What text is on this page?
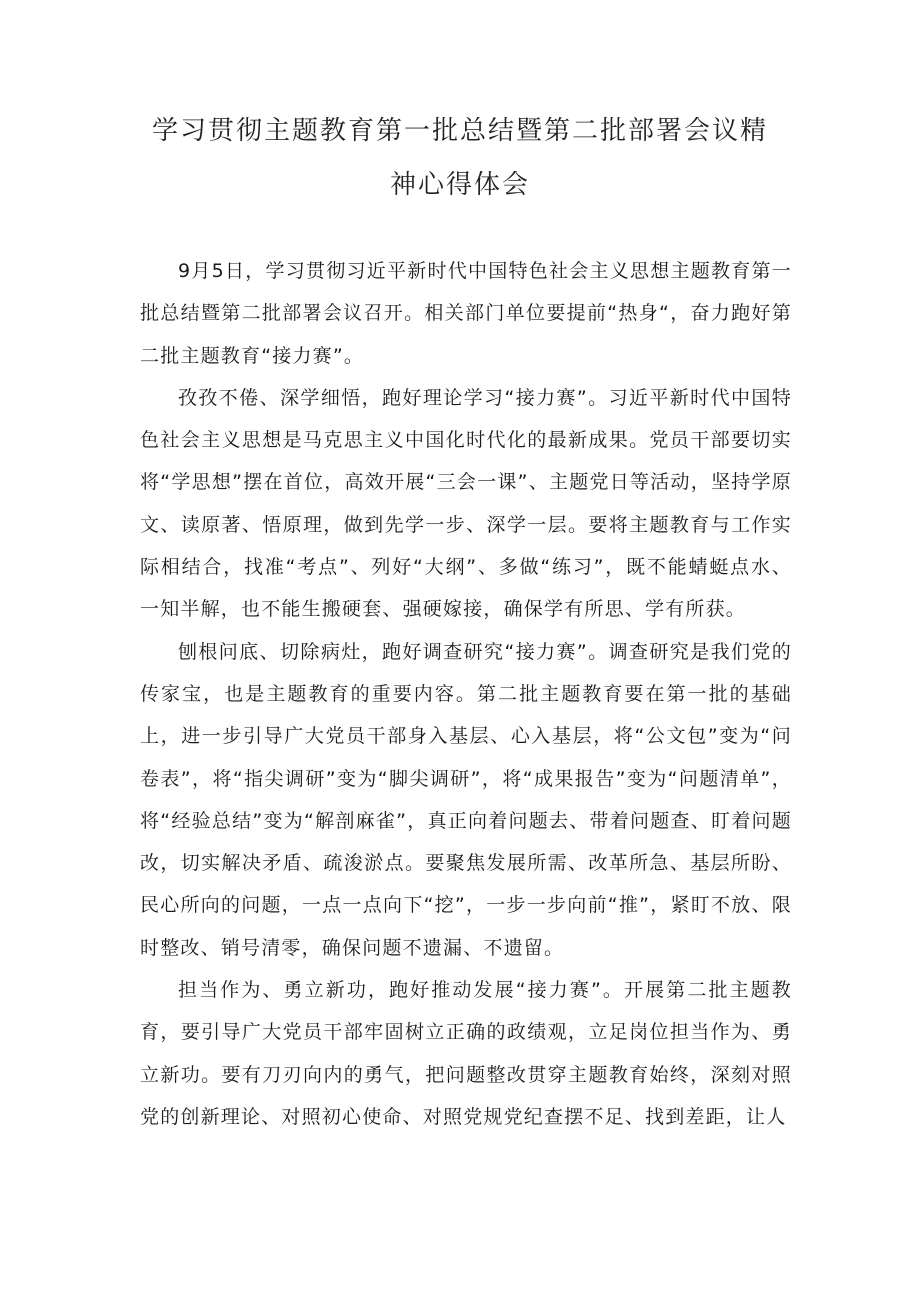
学习贯彻主题教育第一批总结暨第二批部署会议精
神心得体会

9月5日，学习贯彻习近平新时代中国特色社会主义思想主题教育第一批总结暨第二批部署会议召开。相关部门单位要提前“热身“，奋力跑好第二批主题教育“接力赛”。

孜孜不倦、深学细悟，跑好理论学习“接力赛”。习近平新时代中国特色社会主义思想是马克思主义中国化时代化的最新成果。党员干部要切实将“学思想”摆在首位，高效开展“三会一课”、主题党日等活动，坚持学原文、读原著、悟原理，做到先学一步、深学一层。要将主题教育与工作实际相结合，找准“考点”、列好“大纲”、多做“练习”，既不能蜻蜓点水、一知半解，也不能生搬硬套、强硬嫁接，确保学有所思、学有所获。

刨根问底、切除病灶，跑好调查研究“接力赛”。调查研究是我们党的传家宝，也是主题教育的重要内容。第二批主题教育要在第一批的基础上，进一步引导广大党员干部身入基层、心入基层，将“公文包”变为“问卷表”，将“指尖调研”变为“脚尖调研”，将“成果报告”变为“问题清单”，将“经验总结”变为“解剖麻雀”，真正向着问题去、带着问题查、盯着问题改，切实解决矛盾、疏浚淤点。要聚焦发展所需、改革所急、基层所盼、民心所向的问题，一点一点向下“挖”，一步一步向前“推”，紧盯不放、限时整改、销号清零，确保问题不遗漏、不遗留。

担当作为、勇立新功，跑好推动发展“接力赛”。开展第二批主题教育，要引导广大党员干部牢固树立正确的政绩观，立足岗位担当作为、勇立新功。要有刀刃向内的勇气，把问题整改贯穿主题教育始终，深刻对照党的创新理论、对照初心使命、对照党规党纪查摆不足、找到差距，让人
